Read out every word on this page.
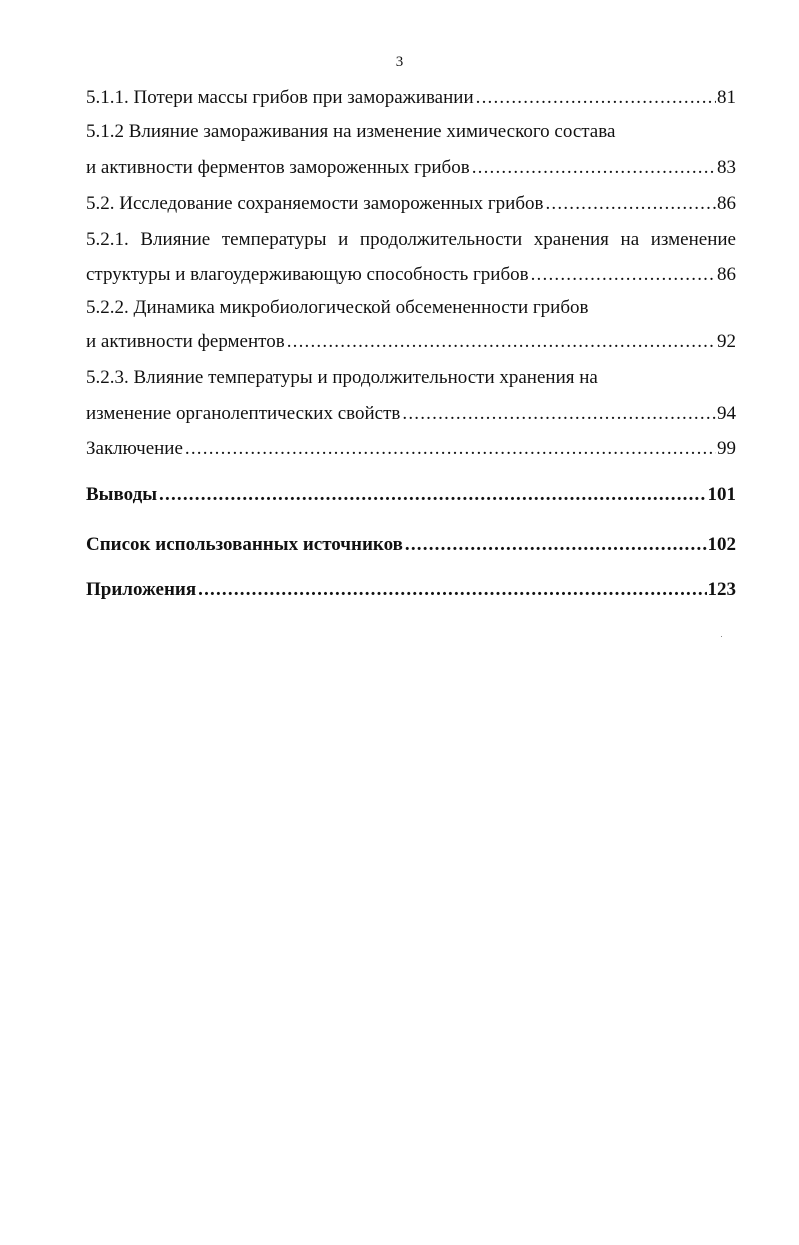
3
5.1.1. Потери массы грибов при замораживании .....	81
5.1.2 Влияние замораживания на изменение химического состава
и активности ферментов замороженных грибов .....	83
5.2. Исследование сохраняемости замороженных грибов .....	86
5.2.1. Влияние температуры и продолжительности хранения на изменение
структуры и влагоудерживающую способность грибов .....	86
5.2.2. Динамика микробиологической обсемененности грибов
и активности ферментов .....	92
5.2.3. Влияние температуры и продолжительности хранения на
изменение органолептических свойств .....	94
Заключение .....	99
Выводы .....	101
Список использованных источников .....	102
Приложения .....	123
